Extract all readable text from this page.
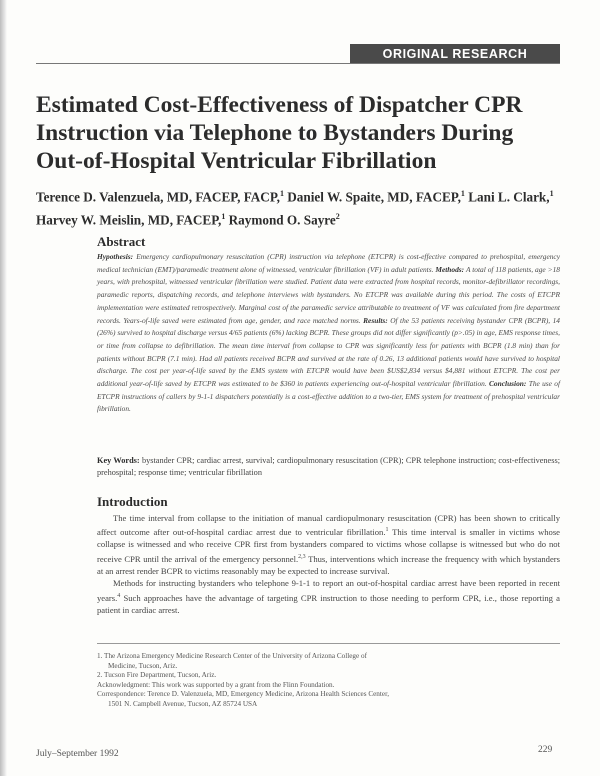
ORIGINAL RESEARCH
Estimated Cost-Effectiveness of Dispatcher CPR Instruction via Telephone to Bystanders During Out-of-Hospital Ventricular Fibrillation

Terence D. Valenzuela, MD, FACEP, FACP,$^1$ Daniel W. Spaite, MD, FACEP,$^1$ Lani L. Clark,$^1$ Harvey W. Meislin, MD, FACEP,$^1$ Raymond O. Sayre$^2$

Abstract

Hypothesis: Emergency cardiopulmonary resuscitation (CPR) instruction via telephone (ETCPR) is cost-effective compared to prehospital, emergency medical technician (EMT)/paramedic treatment alone of witnessed, ventricular fibrillation (VF) in adult patients. Methods: A total of 118 patients, age >18 years, with prehospital, witnessed ventricular fibrillation were studied. Patient data were extracted from hospital records, monitor-defibrillator recordings, paramedic reports, dispatching records, and telephone interviews with bystanders. No ETCPR was available during this period. The costs of ETCPR implementation were estimated retrospectively. Marginal cost of the paramedic service attributable to treatment of VF was calculated from fire department records. Years-of-life saved were estimated from age, gender, and race matched norms. Results: Of the 53 patients receiving bystander CPR (BCPR), 14 (26%) survived to hospital discharge versus 4/65 patients (6%) lacking BCPR. These groups did not differ significantly (p>.05) in age, EMS response times, or time from collapse to defibrillation. The mean time interval from collapse to CPR was significantly less for patients with BCPR (1.8 min) than for patients without BCPR (7.1 min). Had all patients received BCPR and survived at the rate of 0.26, 13 additional patients would have survived to hospital discharge. The cost per year-of-life saved by the EMS system with ETCPR would have been $US$2,834 versus $4,881 without ETCPR. The cost per additional year-of-life saved by ETCPR was estimated to be $360 in patients experiencing out-of-hospital ventricular fibrillation. Conclusion: The use of ETCPR instructions of callers by 9-1-1 dispatchers potentially is a cost-effective addition to a two-tier, EMS system for treatment of prehospital ventricular fibrillation.

Key Words: bystander CPR; cardiac arrest, survival; cardiopulmonary resuscitation (CPR); CPR telephone instruction; cost-effectiveness; prehospital; response time; ventricular fibrillation

Introduction

The time interval from collapse to the initiation of manual cardiopulmonary resuscitation (CPR) has been shown to critically affect outcome after out-of-hospital cardiac arrest due to ventricular fibrillation.$^1$ This time interval is smaller in victims whose collapse is witnessed and who receive CPR first from bystanders compared to victims whose collapse is witnessed but who do not receive CPR until the arrival of the emergency personnel.$^{2,3}$ Thus, interventions which increase the frequency with which bystanders at an arrest render BCPR to victims reasonably may be expected to increase survival.

Methods for instructing bystanders who telephone 9-1-1 to report an out-of-hospital cardiac arrest have been reported in recent years.$^4$ Such approaches have the advantage of targeting CPR instruction to those needing to perform CPR, i.e., those reporting a patient in cardiac arrest.

1. The Arizona Emergency Medicine Research Center of the University of Arizona College of
Medicine, Tucson, Ariz.
2. Tucson Fire Department, Tucson, Ariz.
Acknowledgment: This work was supported by a grant from the Flinn Foundation.
Correspondence: Terence D. Valenzuela, MD, Emergency Medicine, Arizona Health Sciences Center,
1501 N. Campbell Avenue, Tucson, AZ 85724 USA
July–September 1992	229
